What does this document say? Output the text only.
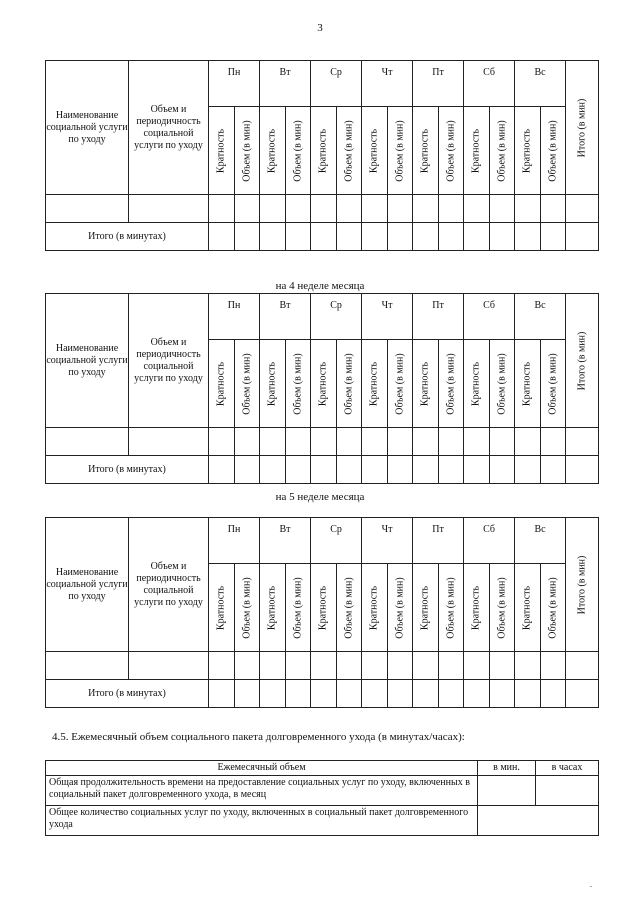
3
Наименование социальной услуги по уходу	Объем и периодичность социальной услуги по уходу	Пн		Вт		Ср		Чт		Пт		Сб		Вс		Итого (в мин)

		Кратность	Объем (в мин)	Кратность	Объем (в мин)	Кратность	Объем (в мин)	Кратность	Объем (в мин)	Кратность	Объем (в мин)	Кратность	Объем (в мин)	Кратность	Объем (в мин)	

Итого (в минутах)																
на 4 неделе месяца
Наименование социальной услуги по уходу	Объем и периодичность социальной услуги по уходу	Пн		Вт		Ср		Чт		Пт		Сб		Вс		Итого (в мин)

		Кратность	Объем (в мин)	Кратность	Объем (в мин)	Кратность	Объем (в мин)	Кратность	Объем (в мин)	Кратность	Объем (в мин)	Кратность	Объем (в мин)	Кратность	Объем (в мин)	

Итого (в минутах)																
на 5 неделе месяца
Наименование социальной услуги по уходу	Объем и периодичность социальной услуги по уходу	Пн		Вт		Ср		Чт		Пт		Сб		Вс		Итого (в мин)

		Кратность	Объем (в мин)	Кратность	Объем (в мин)	Кратность	Объем (в мин)	Кратность	Объем (в мин)	Кратность	Объем (в мин)	Кратность	Объем (в мин)	Кратность	Объем (в мин)	

Итого (в минутах)																
4.5. Ежемесячный объем социального пакета долговременного ухода (в минутах/часах):
Ежемесячный объем	в мин.	в часах
Общая продолжительность времени на предоставление социальных услуг по уходу, включенных в социальный пакет долговременного ухода, в месяц		
Общее количество социальных услуг по уходу, включенных в социальный пакет долговременного ухода		
.
